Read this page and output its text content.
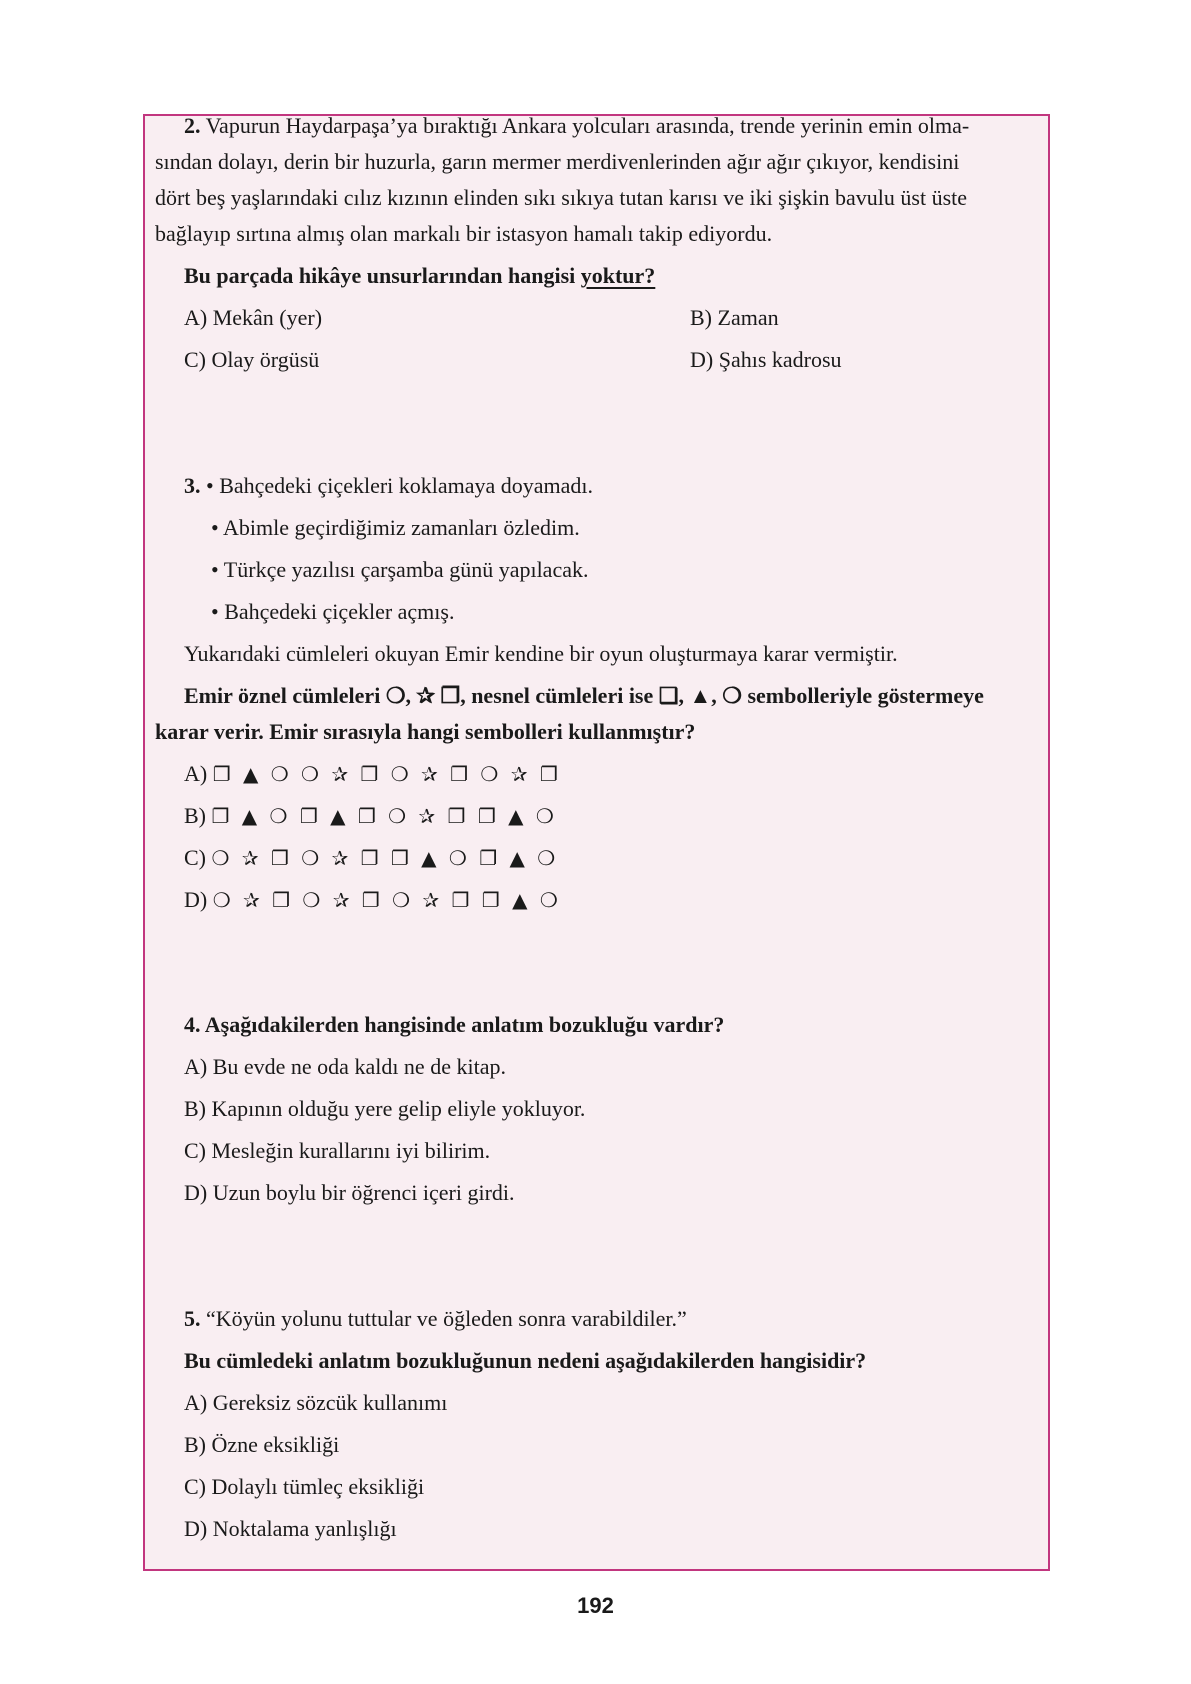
2. Vapurun Haydarpaşa’ya bıraktığı Ankara yolcuları arasında, trende yerinin emin olma-
sından dolayı, derin bir huzurla, garın mermer merdivenlerinden ağır ağır çıkıyor, kendisini
dört beş yaşlarındaki cılız kızının elinden sıkı sıkıya tutan karısı ve iki şişkin bavulu üst üste
bağlayıp sırtına almış olan markalı bir istasyon hamalı takip ediyordu.
Bu parçada hikâye unsurlarından hangisi yoktur?
A) Mekân (yer)	B) Zaman
C) Olay örgüsü	D) Şahıs kadrosu
3. • Bahçedeki çiçekleri koklamaya doyamadı.
• Abimle geçirdiğimiz zamanları özledim.
• Türkçe yazılısı çarşamba günü yapılacak.
• Bahçedeki çiçekler açmış.
Yukarıdaki cümleleri okuyan Emir kendine bir oyun oluşturmaya karar vermiştir.
Emir öznel cümleleri ❍, ✰ ❐, nesnel cümleleri ise ❑, ▲, ❍ sembolleriyle göstermeye
karar verir. Emir sırasıyla hangi sembolleri kullanmıştır?
A) ❐ ▲ ❍ ❍ ✰ ❐ ❍ ✰ ❐ ❍ ✰ ❐
B) ❐ ▲ ❍ ❐ ▲ ❐ ❍ ✰ ❐ ❐ ▲ ❍
C) ❍ ✰ ❐ ❍ ✰ ❐ ❐ ▲ ❍ ❐ ▲ ❍
D) ❍ ✰ ❐ ❍ ✰ ❐ ❍ ✰ ❐ ❐ ▲ ❍
4. Aşağıdakilerden hangisinde anlatım bozukluğu vardır?
A) Bu evde ne oda kaldı ne de kitap.
B) Kapının olduğu yere gelip eliyle yokluyor.
C) Mesleğin kurallarını iyi bilirim.
D) Uzun boylu bir öğrenci içeri girdi.
5. “Köyün yolunu tuttular ve öğleden sonra varabildiler.”
Bu cümledeki anlatım bozukluğunun nedeni aşağıdakilerden hangisidir?
A) Gereksiz sözcük kullanımı
B) Özne eksikliği
C) Dolaylı tümleç eksikliği
D) Noktalama yanlışlığı
192
